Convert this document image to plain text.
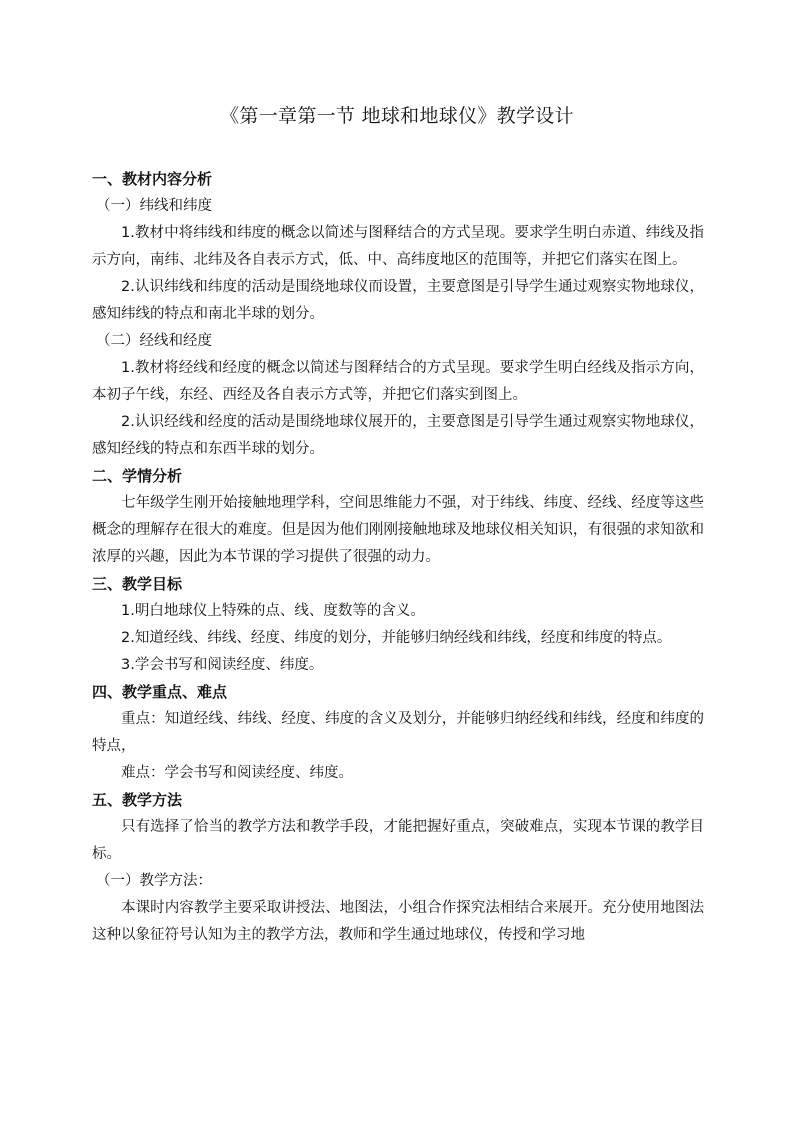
《第一章第一节 地球和地球仪》教学设计

一、教材内容分析

（一）纬线和纬度

1.教材中将纬线和纬度的概念以简述与图释结合的方式呈现。要求学生明白赤道、纬线及指示方向，南纬、北纬及各自表示方式，低、中、高纬度地区的范围等，并把它们落实在图上。

2.认识纬线和纬度的活动是围绕地球仪而设置，主要意图是引导学生通过观察实物地球仪，感知纬线的特点和南北半球的划分。

（二）经线和经度

1.教材将经线和经度的概念以简述与图释结合的方式呈现。要求学生明白经线及指示方向，本初子午线，东经、西经及各自表示方式等，并把它们落实到图上。

2.认识经线和经度的活动是围绕地球仪展开的，主要意图是引导学生通过观察实物地球仪，感知经线的特点和东西半球的划分。

二、学情分析

七年级学生刚开始接触地理学科，空间思维能力不强，对于纬线、纬度、经线、经度等这些概念的理解存在很大的难度。但是因为他们刚刚接触地球及地球仪相关知识，有很强的求知欲和浓厚的兴趣，因此为本节课的学习提供了很强的动力。

三、教学目标

1.明白地球仪上特殊的点、线、度数等的含义。

2.知道经线、纬线、经度、纬度的划分，并能够归纳经线和纬线，经度和纬度的特点。

3.学会书写和阅读经度、纬度。

四、教学重点、难点

重点：知道经线、纬线、经度、纬度的含义及划分，并能够归纳经线和纬线，经度和纬度的特点，

难点：学会书写和阅读经度、纬度。

五、教学方法

只有选择了恰当的教学方法和教学手段，才能把握好重点，突破难点，实现本节课的教学目标。

（一）教学方法：

本课时内容教学主要采取讲授法、地图法，小组合作探究法相结合来展开。充分使用地图法这种以象征符号认知为主的教学方法，教师和学生通过地球仪，传授和学习地
